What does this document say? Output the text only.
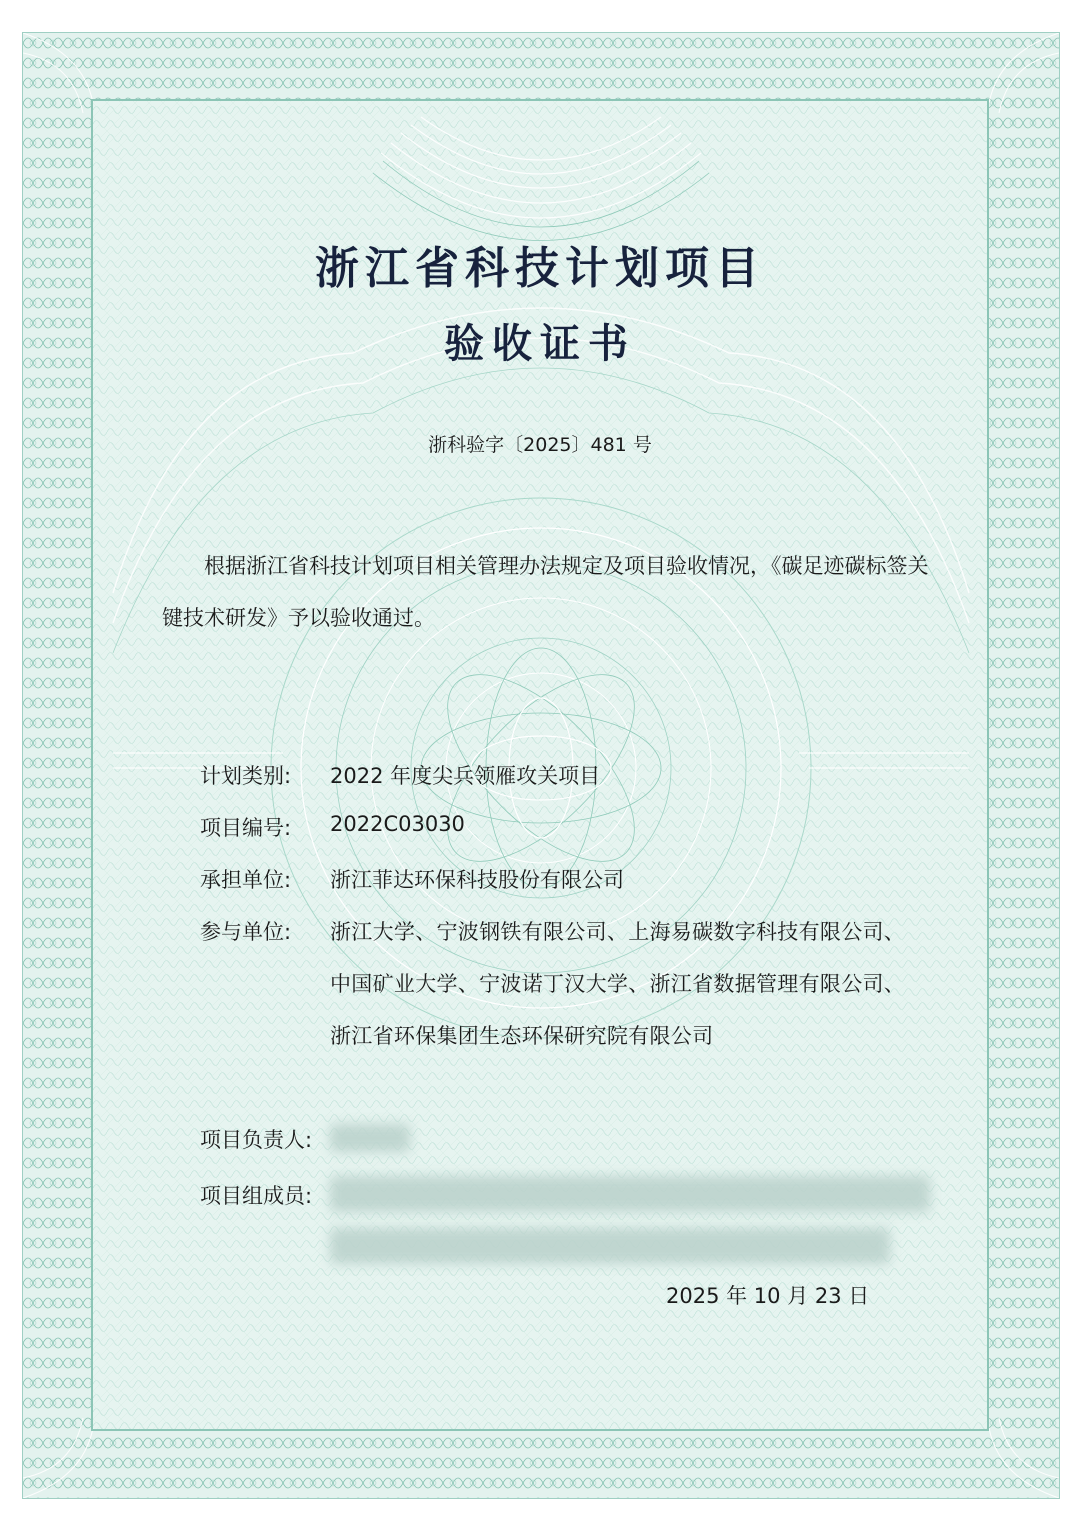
浙江省科技计划项目
验收证书
浙科验字〔2025〕481 号
根据浙江省科技计划项目相关管理办法规定及项目验收情况，《碳足迹碳标签关键技术研发》予以验收通过。
计划类别: 2022 年度尖兵领雁攻关项目
项目编号: 2022C03030
承担单位: 浙江菲达环保科技股份有限公司
参与单位: 浙江大学、宁波钢铁有限公司、上海易碳数字科技有限公司、中国矿业大学、宁波诺丁汉大学、浙江省数据管理有限公司、浙江省环保集团生态环保研究院有限公司
项目负责人:
项目组成员:
2025 年 10 月 23 日
